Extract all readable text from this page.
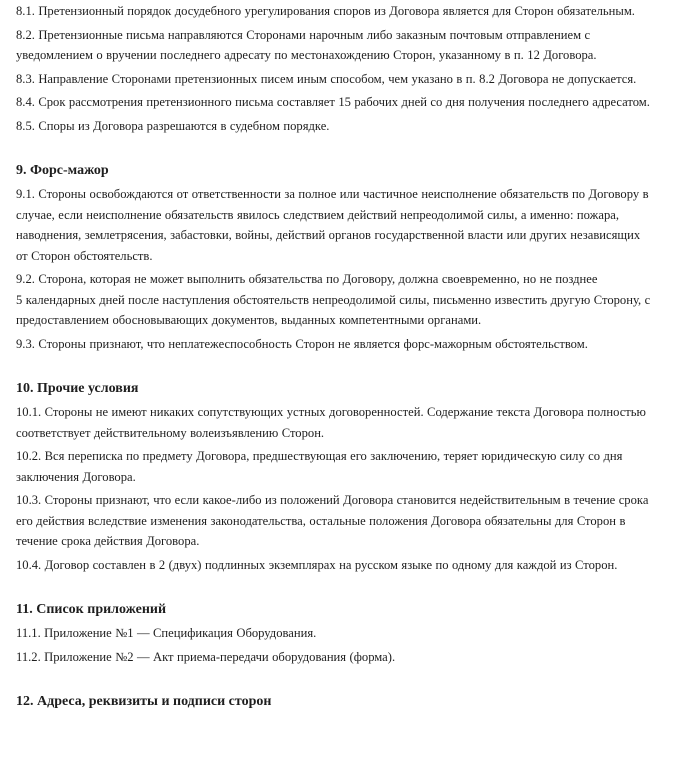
8.1. Претензионный порядок досудебного урегулирования споров из Договора является для Сторон обязательным.

8.2. Претензионные письма направляются Сторонами нарочным либо заказным почтовым отправлением с
уведомлением о вручении последнего адресату по местонахождению Сторон, указанному в п. 12 Договора.

8.3. Направление Сторонами претензионных писем иным способом, чем указано в п. 8.2 Договора не допускается.

8.4. Срок рассмотрения претензионного письма составляет 15 рабочих дней со дня получения последнего адресатом.

8.5. Споры из Договора разрешаются в судебном порядке.

9. Форс-мажор

9.1. Стороны освобождаются от ответственности за полное или частичное неисполнение обязательств по Договору в
случае, если неисполнение обязательств явилось следствием действий непреодолимой силы, а именно: пожара,
наводнения, землетрясения, забастовки, войны, действий органов государственной власти или других независящих
от Сторон обстоятельств.

9.2. Сторона, которая не может выполнить обязательства по Договору, должна своевременно, но не позднее
5 календарных дней после наступления обстоятельств непреодолимой силы, письменно известить другую Сторону, с
предоставлением обосновывающих документов, выданных компетентными органами.

9.3. Стороны признают, что неплатежеспособность Сторон не является форс-мажорным обстоятельством.

10. Прочие условия

10.1. Стороны не имеют никаких сопутствующих устных договоренностей. Содержание текста Договора полностью
соответствует действительному волеизъявлению Сторон.

10.2. Вся переписка по предмету Договора, предшествующая его заключению, теряет юридическую силу со дня
заключения Договора.

10.3. Стороны признают, что если какое-либо из положений Договора становится недействительным в течение срока
его действия вследствие изменения законодательства, остальные положения Договора обязательны для Сторон в
течение срока действия Договора.

10.4. Договор составлен в 2 (двух) подлинных экземплярах на русском языке по одному для каждой из Сторон.

11. Список приложений

11.1. Приложение №1 — Спецификация Оборудования.

11.2. Приложение №2 — Акт приема-передачи оборудования (форма).

12. Адреса, реквизиты и подписи сторон
